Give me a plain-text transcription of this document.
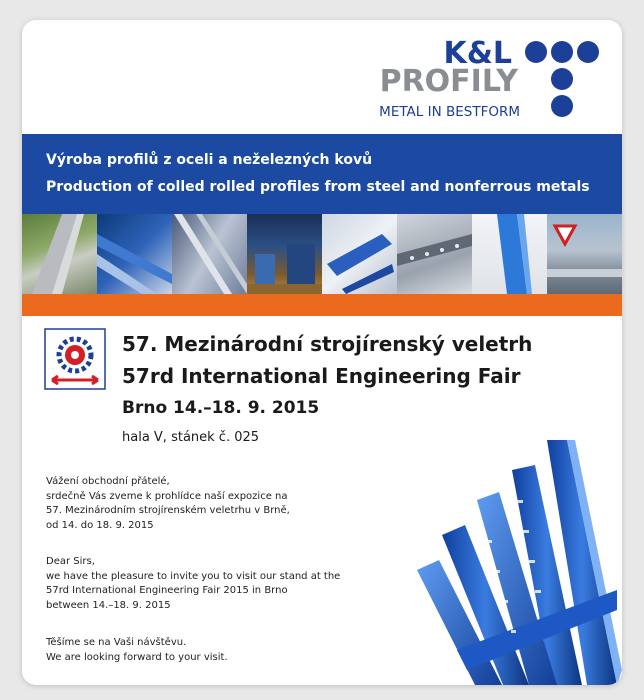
K&L
PROFILY
METAL IN BESTFORM
Výroba profilů z oceli a neželezných kovů
Production of colled rolled profiles from steel and nonferrous metals
57. Mezinárodní strojírenský veletrh
57rd International Engineering Fair
Brno 14.–18. 9. 2015
hala V, stánek č. 025
Vážení obchodní přátelé,
srdečně Vás zveme k prohlídce naší expozice na
57. Mezinárodním strojírenském veletrhu v Brně,
od 14. do 18. 9. 2015
Dear Sirs,
we have the pleasure to invite you to visit our stand at the
57rd International Engineering Fair 2015 in Brno
between 14.–18. 9. 2015
Těšíme se na Vaši návštěvu.
We are looking forward to your visit.
